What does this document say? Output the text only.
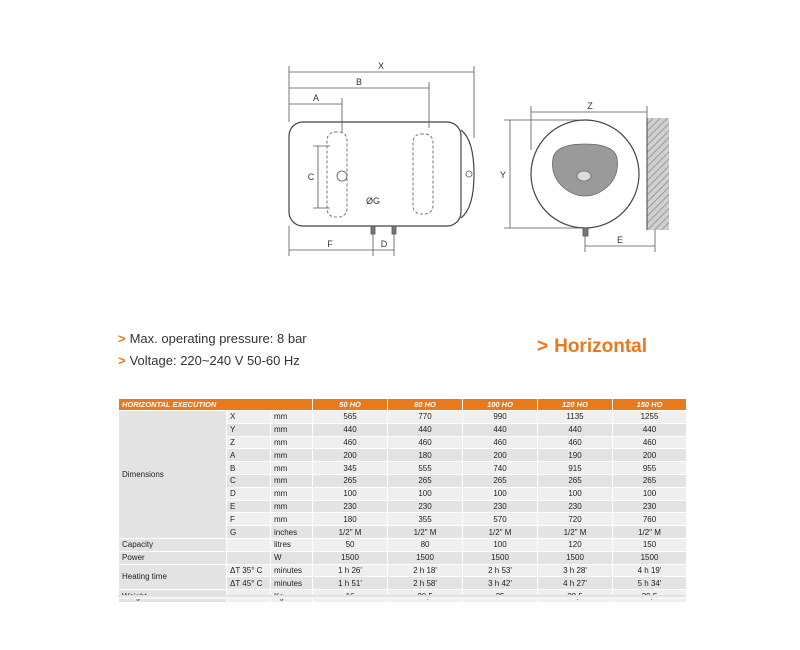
X
B
A
C
ØG
F	D
Z
Y
E
> Max. operating pressure: 8 bar
> Voltage: 220~240 V 50-60 Hz
> Horizontal
HORIZONTAL EXECUTION			50 HO	80 HO	100 HO	120 HO	150 HO
Dimensions	X	mm	565	770	990	1135	1255
	Y	mm	440	440	440	440	440
	Z	mm	460	460	460	460	460
	A	mm	200	180	200	190	200
	B	mm	345	555	740	915	955
	C	mm	265	265	265	265	265
	D	mm	100	100	100	100	100
	E	mm	230	230	230	230	230
	F	mm	180	355	570	720	760
	G	inches	1/2" M	1/2" M	1/2" M	1/2" M	1/2" M
Capacity		litres	50	80	100	120	150
Power		W	1500	1500	1500	1500	1500
Heating time	ΔT 35° C	minutes	1 h 26'	2 h 18'	2 h 53'	3 h 28'	4 h 19'
	ΔT 45° C	minutes	1 h 51'	2 h 58'	3 h 42'	4 h 27'	5 h 34'
